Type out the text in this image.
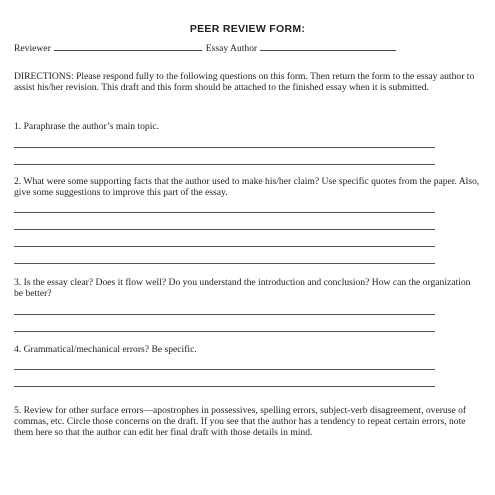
PEER REVIEW FORM:
Reviewer	Essay Author
DIRECTIONS: Please respond fully to the following questions on this form. Then return the form to the essay author to assist his/her revision. This draft and this form should be attached to the finished essay when it is submitted.
1. Paraphrase the author’s main topic.
2. What were some supporting facts that the author used to make his/her claim? Use specific quotes from the paper. Also, give some suggestions to improve this part of the essay.
3. Is the essay clear? Does it flow well? Do you understand the introduction and conclusion? How can the organization be better?
4. Grammatical/mechanical errors? Be specific.
5. Review for other surface errors—apostrophes in possessives, spelling errors, subject-verb disagreement, overuse of commas, etc. Circle those concerns on the draft. If you see that the author has a tendency to repeat certain errors, note them here so that the author can edit her final draft with those details in mind.
